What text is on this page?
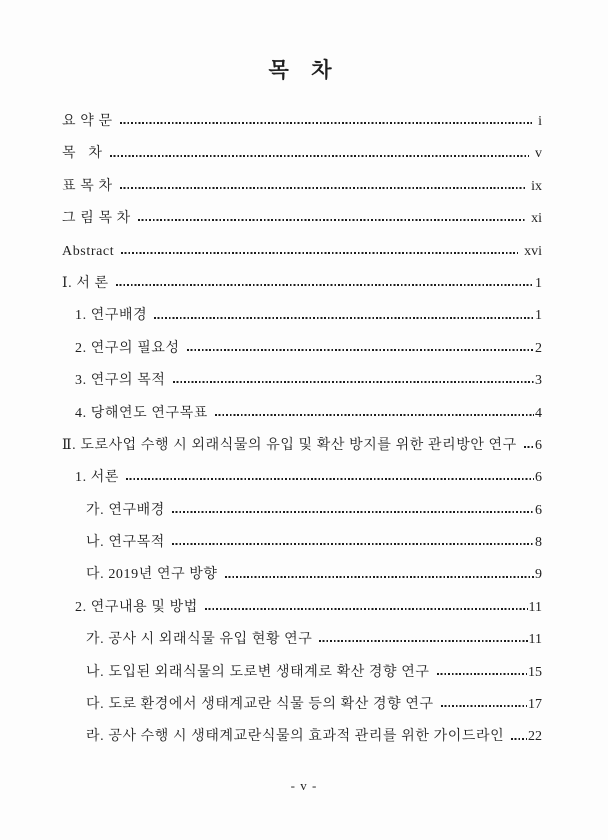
목  차
요 약 문	i
목   차	v
표 목 차	ix
그 림 목 차	xi
Abstract	xvi
Ⅰ. 서 론	1
1. 연구배경	1
2. 연구의 필요성	2
3. 연구의 목적	3
4. 당해연도 연구목표	4
Ⅱ. 도로사업 수행 시 외래식물의 유입 및 확산 방지를 위한 관리방안 연구 6
1. 서론	6
가. 연구배경	6
나. 연구목적	8
다. 2019년 연구 방향	9
2. 연구내용 및 방법	11
가. 공사 시 외래식물 유입 현황 연구	11
나. 도입된 외래식물의 도로변 생태계로 확산 경향 연구	15
다. 도로 환경에서 생태계교란 식물 등의 확산 경향 연구	17
라. 공사 수행 시 생태계교란식물의 효과적 관리를 위한 가이드라인 22
- v -
